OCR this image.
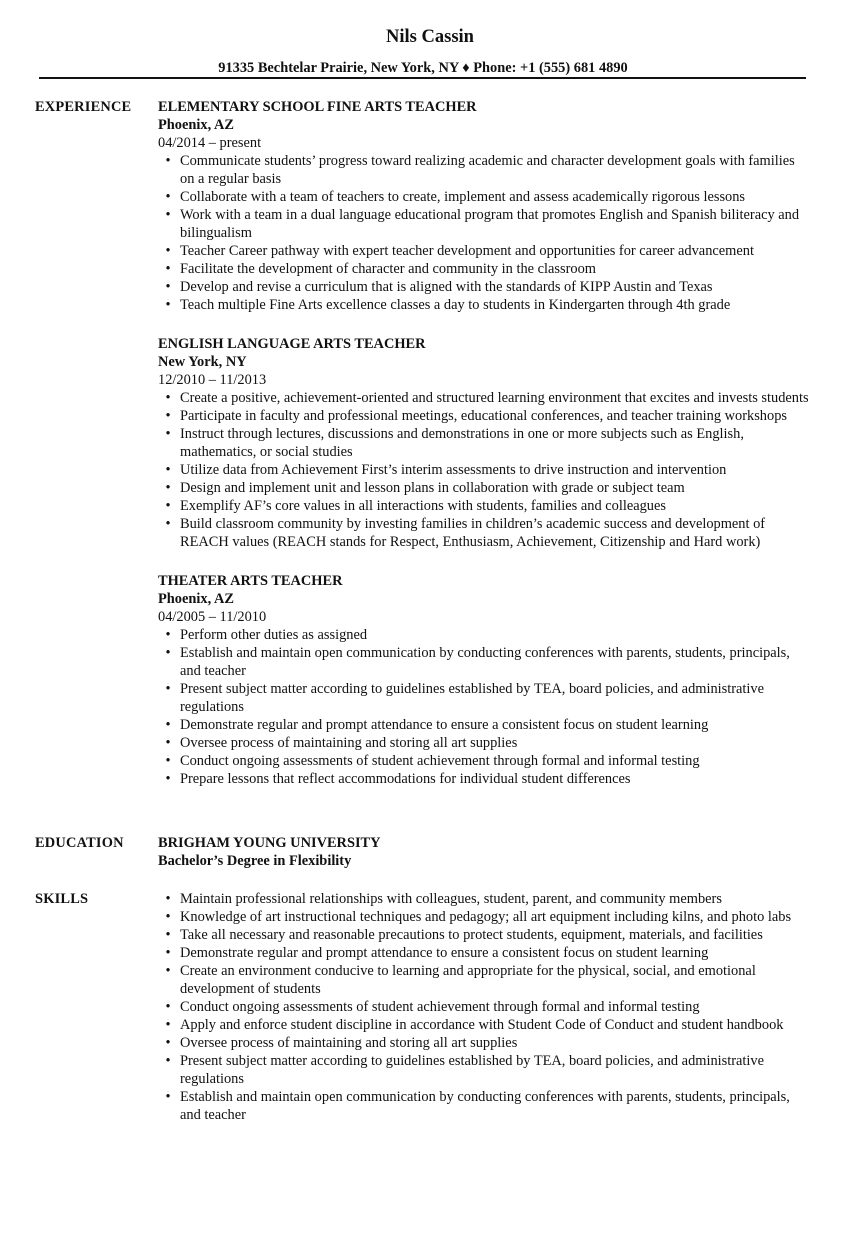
Nils Cassin
91335 Bechtelar Prairie, New York, NY ♦ Phone: +1 (555) 681 4890
EXPERIENCE ELEMENTARY SCHOOL FINE ARTS TEACHER
Phoenix, AZ
04/2014 – present
• Communicate students’ progress toward realizing academic and character development goals with families on a regular basis
• Collaborate with a team of teachers to create, implement and assess academically rigorous lessons
• Work with a team in a dual language educational program that promotes English and Spanish biliteracy and bilingualism
• Teacher Career pathway with expert teacher development and opportunities for career advancement
• Facilitate the development of character and community in the classroom
• Develop and revise a curriculum that is aligned with the standards of KIPP Austin and Texas
• Teach multiple Fine Arts excellence classes a day to students in Kindergarten through 4th grade
ENGLISH LANGUAGE ARTS TEACHER
New York, NY
12/2010 – 11/2013
• Create a positive, achievement-oriented and structured learning environment that excites and invests students
• Participate in faculty and professional meetings, educational conferences, and teacher training workshops
• Instruct through lectures, discussions and demonstrations in one or more subjects such as English, mathematics, or social studies
• Utilize data from Achievement First’s interim assessments to drive instruction and intervention
• Design and implement unit and lesson plans in collaboration with grade or subject team
• Exemplify AF’s core values in all interactions with students, families and colleagues
• Build classroom community by investing families in children’s academic success and development of REACH values (REACH stands for Respect, Enthusiasm, Achievement, Citizenship and Hard work)
THEATER ARTS TEACHER
Phoenix, AZ
04/2005 – 11/2010
• Perform other duties as assigned
• Establish and maintain open communication by conducting conferences with parents, students, principals, and teacher
• Present subject matter according to guidelines established by TEA, board policies, and administrative regulations
• Demonstrate regular and prompt attendance to ensure a consistent focus on student learning
• Oversee process of maintaining and storing all art supplies
• Conduct ongoing assessments of student achievement through formal and informal testing
• Prepare lessons that reflect accommodations for individual student differences
EDUCATION BRIGHAM YOUNG UNIVERSITY
Bachelor’s Degree in Flexibility
SKILLS	• Maintain professional relationships with colleagues, student, parent, and community members
• Knowledge of art instructional techniques and pedagogy; all art equipment including kilns, and photo labs
• Take all necessary and reasonable precautions to protect students, equipment, materials, and facilities
• Demonstrate regular and prompt attendance to ensure a consistent focus on student learning
• Create an environment conducive to learning and appropriate for the physical, social, and emotional development of students
• Conduct ongoing assessments of student achievement through formal and informal testing
• Apply and enforce student discipline in accordance with Student Code of Conduct and student handbook
• Oversee process of maintaining and storing all art supplies
• Present subject matter according to guidelines established by TEA, board policies, and administrative regulations
• Establish and maintain open communication by conducting conferences with parents, students, principals, and teacher
